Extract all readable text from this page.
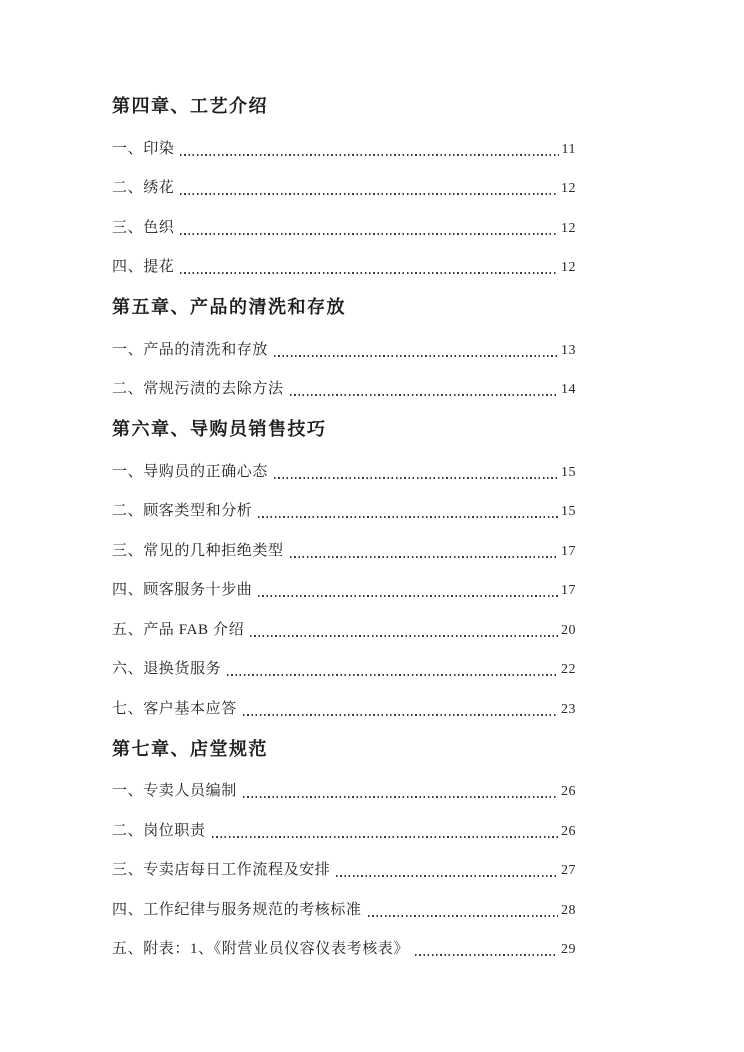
第四章、工艺介绍
一、印染	11
二、绣花	12
三、色织	12
四、提花	12
第五章、产品的清洗和存放
一、产品的清洗和存放	13
二、常规污渍的去除方法	14
第六章、导购员销售技巧
一、导购员的正确心态	15
二、顾客类型和分析	15
三、常见的几种拒绝类型	17
四、顾客服务十步曲	17
五、产品 FAB 介绍	20
六、退换货服务	22
七、客户基本应答	23
第七章、店堂规范
一、专卖人员编制	26
二、岗位职责	26
三、专卖店每日工作流程及安排	27
四、工作纪律与服务规范的考核标准	28
五、附表：1、《附营业员仪容仪表考核表》	29
